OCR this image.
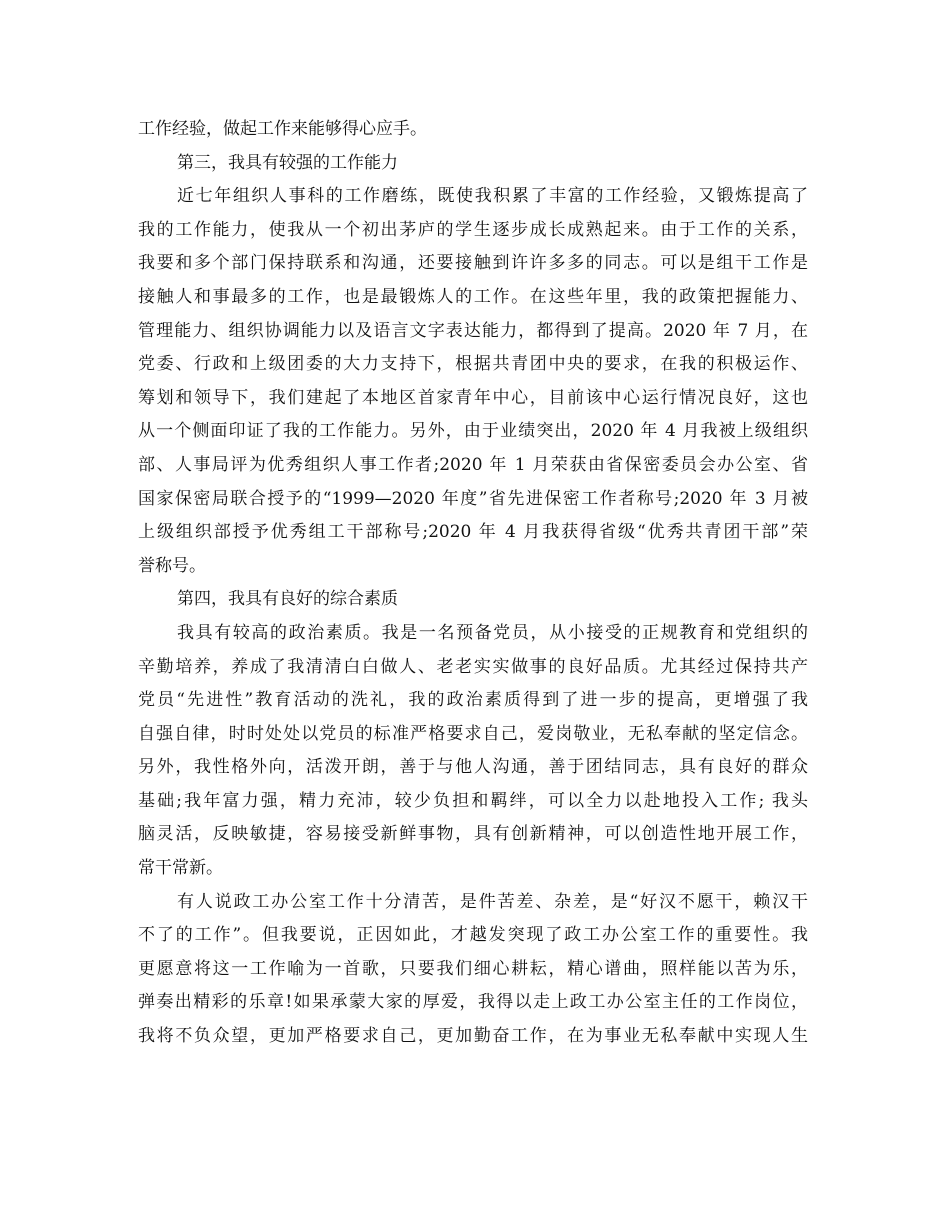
工作经验，做起工作来能够得心应手。
第三，我具有较强的工作能力
近七年组织人事科的工作磨练，既使我积累了丰富的工作经验，又锻炼提高了
我的工作能力，使我从一个初出茅庐的学生逐步成长成熟起来。由于工作的关系，
我要和多个部门保持联系和沟通，还要接触到许许多多的同志。可以是组干工作是
接触人和事最多的工作，也是最锻炼人的工作。在这些年里，我的政策把握能力、
管理能力、组织协调能力以及语言文字表达能力，都得到了提高。2020 年 7 月，在
党委、行政和上级团委的大力支持下，根据共青团中央的要求，在我的积极运作、
筹划和领导下，我们建起了本地区首家青年中心，目前该中心运行情况良好，这也
从一个侧面印证了我的工作能力。另外，由于业绩突出，2020 年 4 月我被上级组织
部、人事局评为优秀组织人事工作者;2020 年 1 月荣获由省保密委员会办公室、省
国家保密局联合授予的“1999—2020 年度”省先进保密工作者称号;2020 年 3 月被
上级组织部授予优秀组工干部称号;2020 年 4 月我获得省级“优秀共青团干部”荣
誉称号。
第四，我具有良好的综合素质
我具有较高的政治素质。我是一名预备党员，从小接受的正规教育和党组织的
辛勤培养，养成了我清清白白做人、老老实实做事的良好品质。尤其经过保持共产
党员“先进性”教育活动的洗礼，我的政治素质得到了进一步的提高，更增强了我
自强自律，时时处处以党员的标准严格要求自己，爱岗敬业，无私奉献的坚定信念。
另外，我性格外向，活泼开朗，善于与他人沟通，善于团结同志，具有良好的群众
基础;我年富力强，精力充沛，较少负担和羁绊，可以全力以赴地投入工作; 我头
脑灵活，反映敏捷，容易接受新鲜事物，具有创新精神，可以创造性地开展工作，
常干常新。
有人说政工办公室工作十分清苦，是件苦差、杂差，是“好汉不愿干，赖汉干
不了的工作”。但我要说，正因如此，才越发突现了政工办公室工作的重要性。我
更愿意将这一工作喻为一首歌，只要我们细心耕耘，精心谱曲，照样能以苦为乐，
弹奏出精彩的乐章!如果承蒙大家的厚爱，我得以走上政工办公室主任的工作岗位，
我将不负众望，更加严格要求自己，更加勤奋工作，在为事业无私奉献中实现人生
